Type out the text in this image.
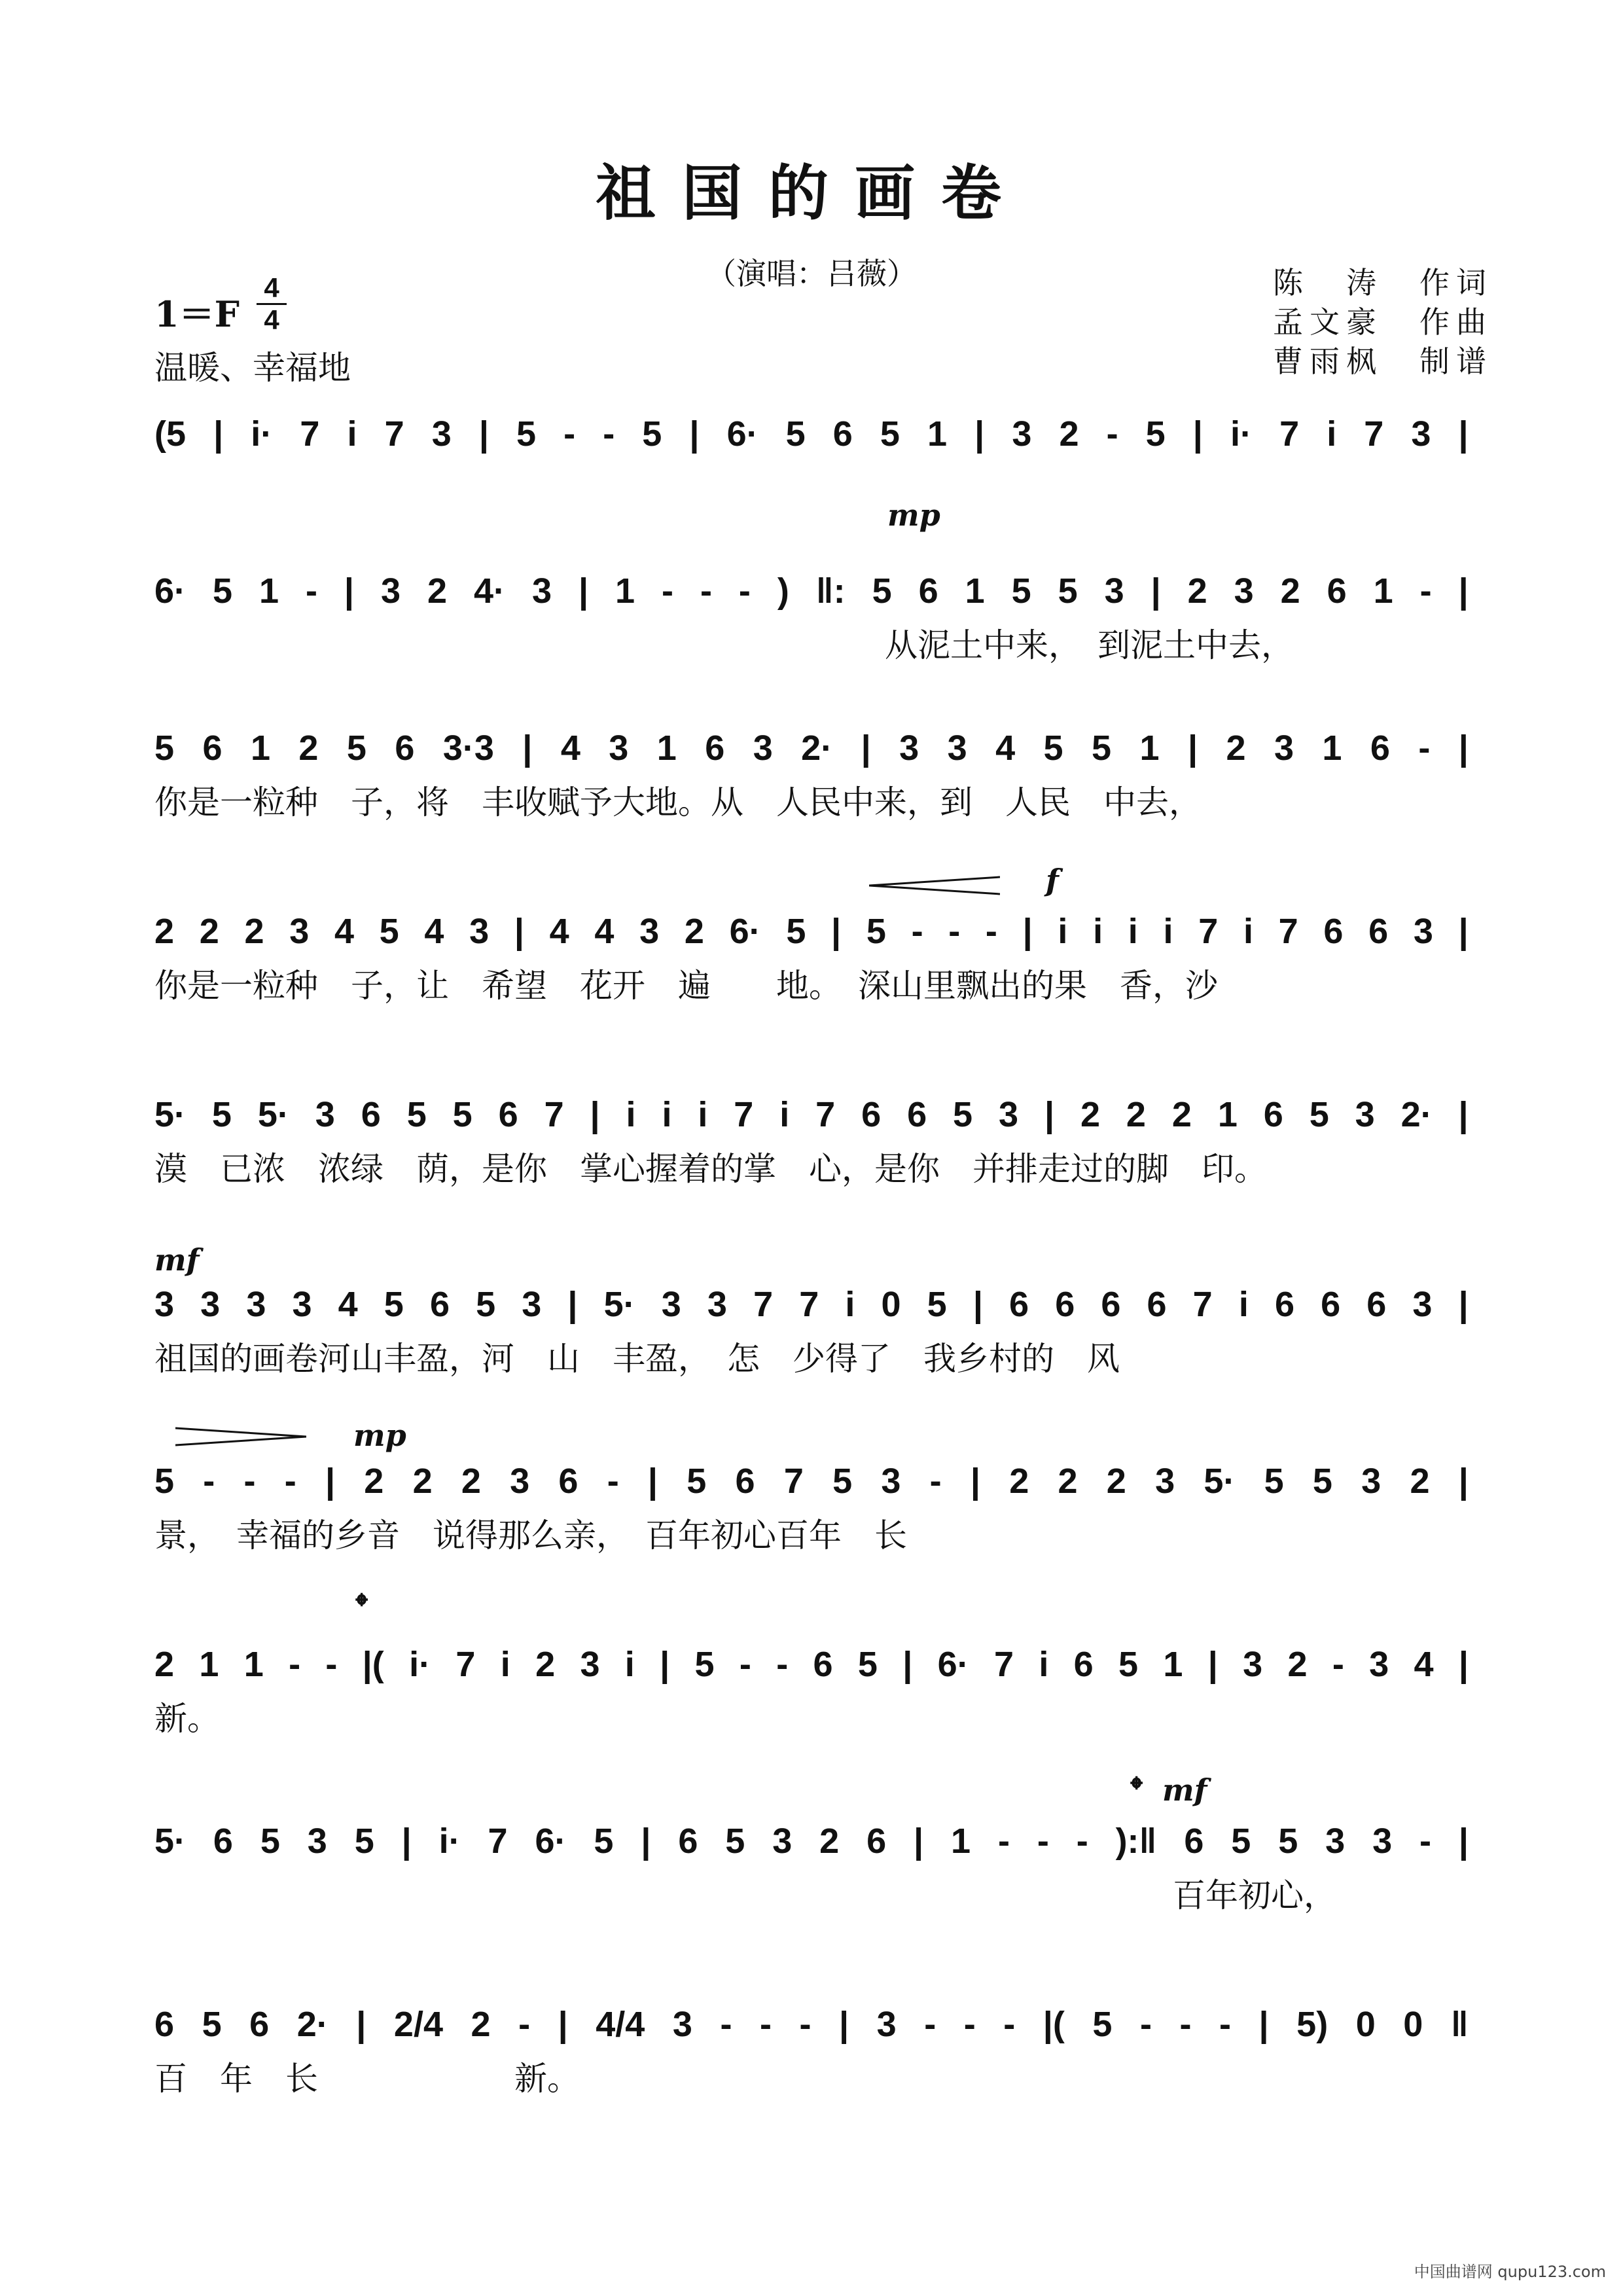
祖国的画卷
（演唱：吕薇）	陈　涛　作词
孟文豪　作曲
曹雨枫　制谱
1＝F
4
4
温暖、幸福地
mp
f
mf
mp
mf
𝄌
𝄌
(5 | i· 7 i 7 3 | 5 - - 5 | 6· 5 6 5 1 | 3 2 - 5 | i· 7 i 7 3 |
6· 5 1 - | 3 2 4· 3 | 1 - - - ) ‖: 5 6 1 5 5 3 | 2 3 2 6 1 - |
从泥土中来，　到泥土中去，
5 6 1 2 5 6 3·3 | 4 3 1 6 3 2· | 3 3 4 5 5 1 | 2 3 1 6 - |
你是一粒种　子，将　丰收赋予大地。从　人民中来，到　人民　中去，
2 2 2 3 4 5 4 3 | 4 4 3 2 6· 5 | 5 - - - | i i i i 7 i 7 6 6 3 |
你是一粒种　子，让　希望　花开　遍　　地。　深山里飘出的果　香，沙
5· 5 5· 3 6 5 5 6 7 | i i i 7 i 7 6 6 5 3 | 2 2 2 1 6 5 3 2· |
漠　已浓　浓绿　荫，是你　掌心握着的掌　心，是你　并排走过的脚　印。
3 3 3 3 4 5 6 5 3 | 5· 3 3 7 7 i 0 5 | 6 6 6 6 7 i 6 6 6 3 |
祖国的画卷河山丰盈，河　山　丰盈，　怎　少得了　我乡村的　风
5 - - - | 2 2 2 3 6 - | 5 6 7 5 3 - | 2 2 2 3 5· 5 5 3 2 |
景，　幸福的乡音　说得那么亲，　百年初心百年　长
2 1 1 - - |( i· 7 i 2 3 i | 5 - - 6 5 | 6· 7 i 6 5 1 | 3 2 - 3 4 |
新。
5· 6 5 3 5 | i· 7 6· 5 | 6 5 3 2 6 | 1 - - - ):‖ 6 5 5 3 3 - |
百年初心，
6 5 6 2· | 2/4 2 - | 4/4 3 - - - | 3 - - - |( 5 - - - | 5) 0 0 ‖
百　年　长　　　　　　新。
中国曲谱网 qupu123.com
